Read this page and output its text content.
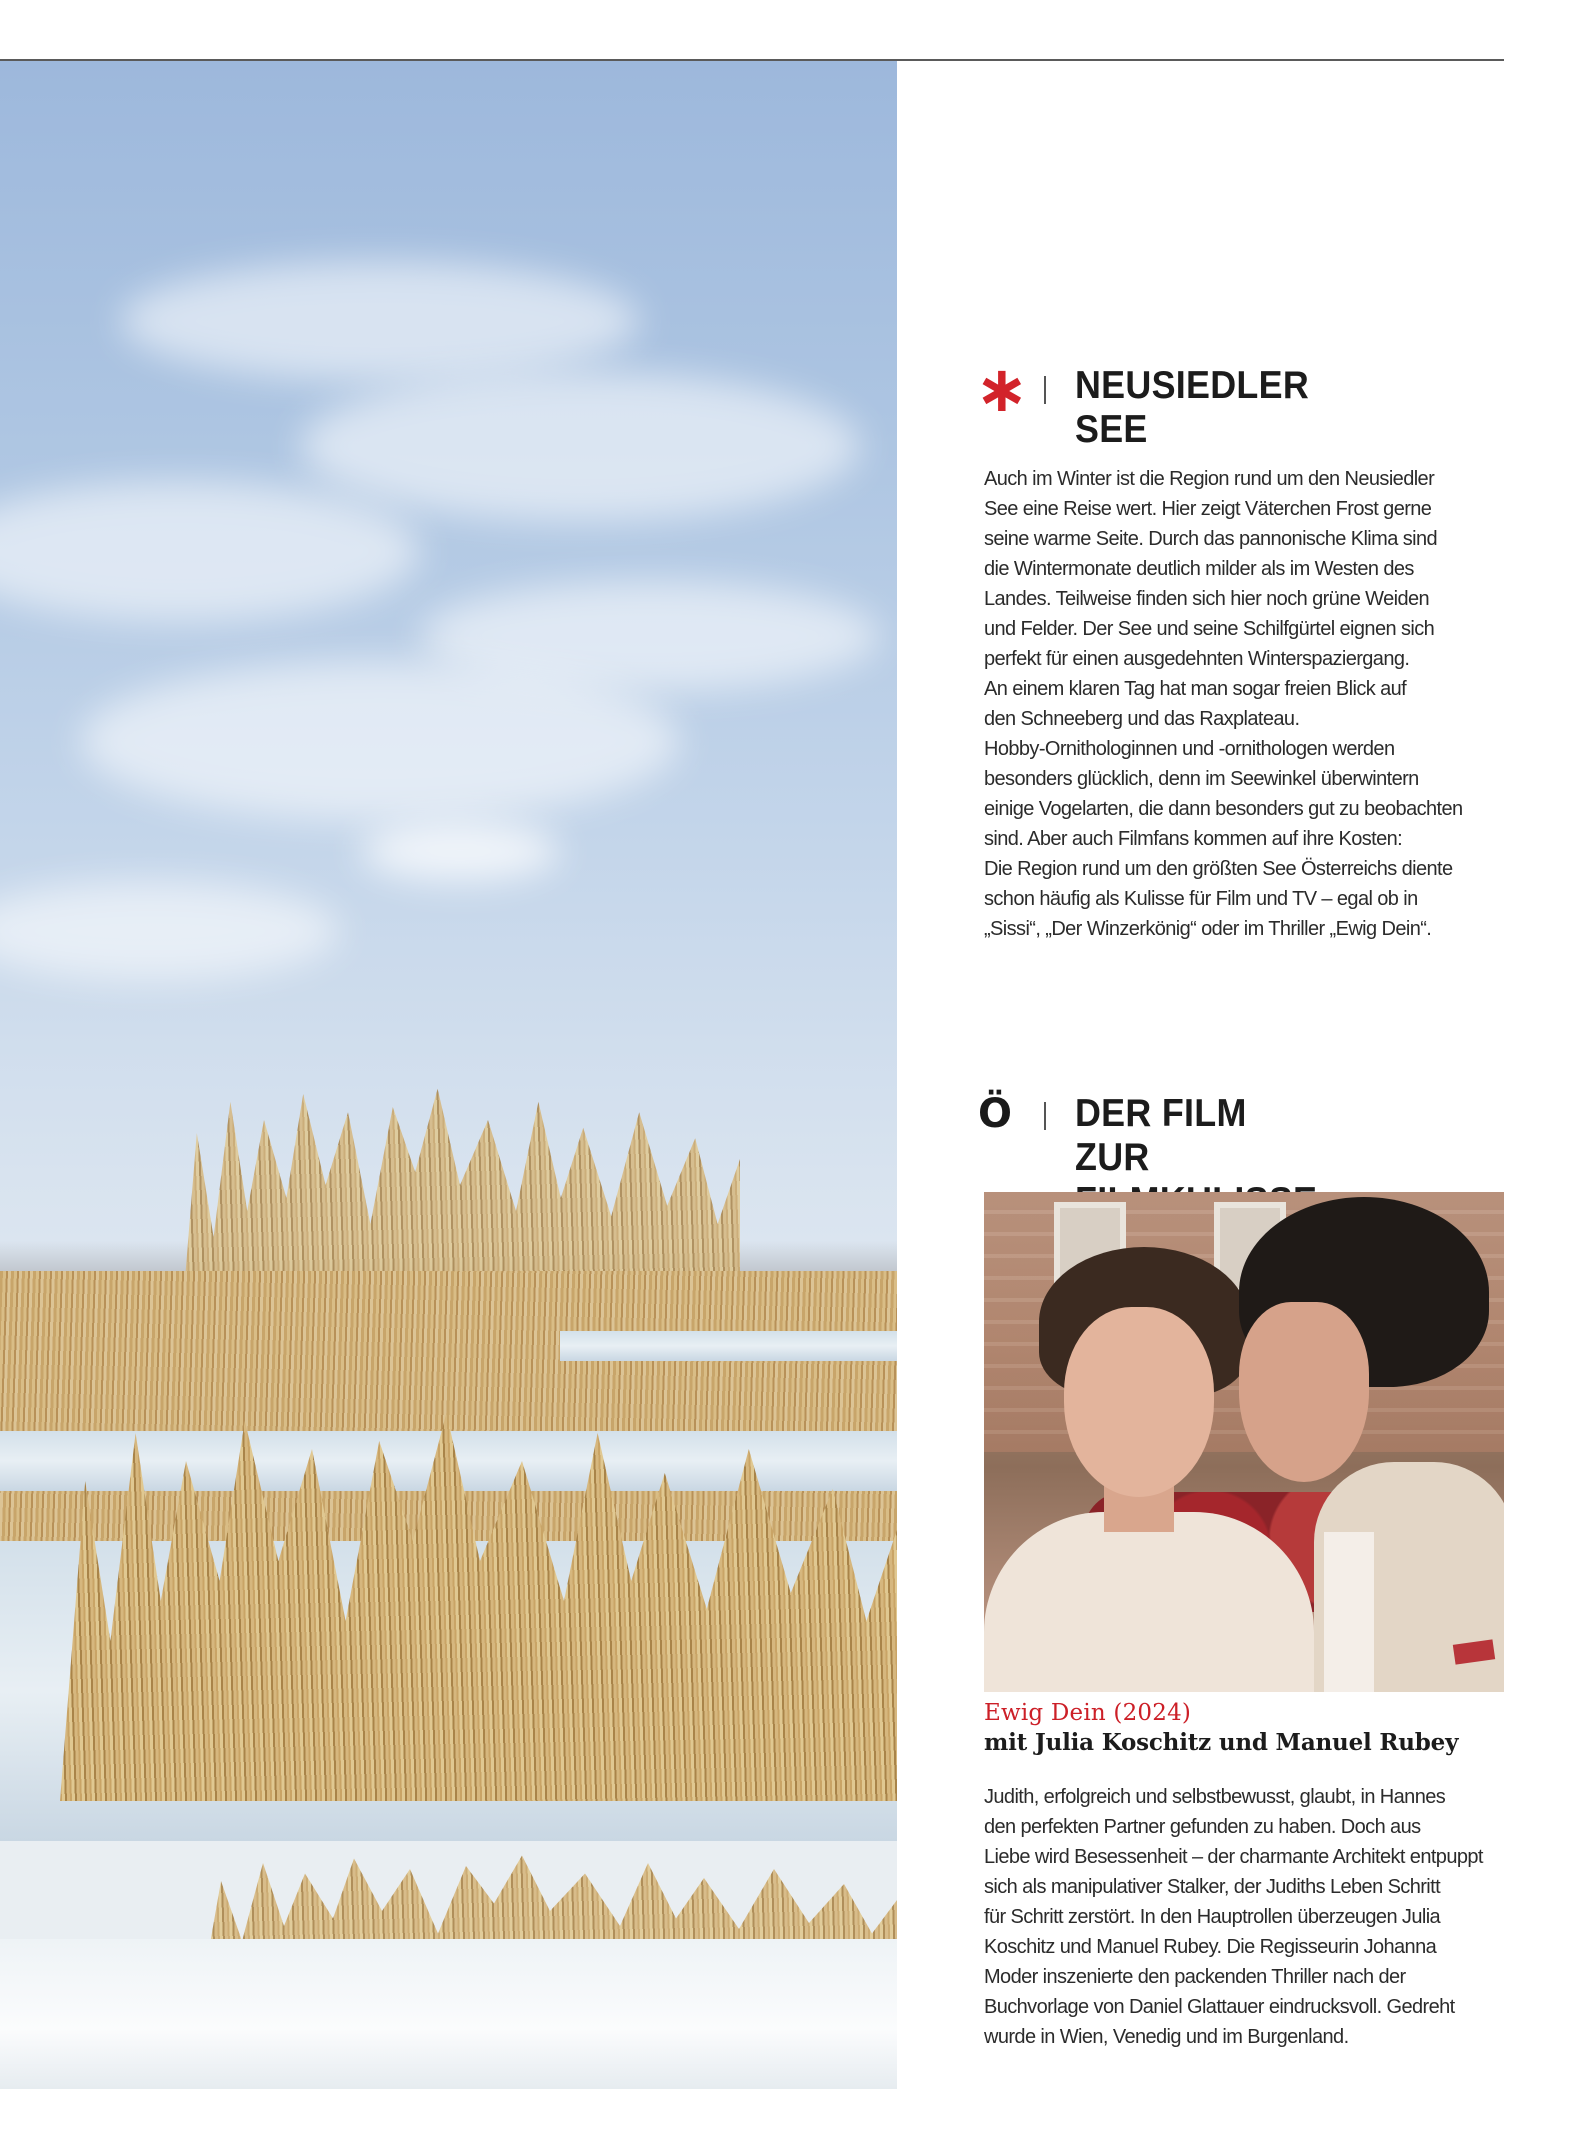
∗ NEUSIEDLER SEE

Auch im Winter ist die Region rund um den Neusiedler
See eine Reise wert. Hier zeigt Väterchen Frost gerne
seine warme Seite. Durch das pannonische Klima sind
die Wintermonate deutlich milder als im Westen des
Landes. Teilweise finden sich hier noch grüne Weiden
und Felder. Der See und seine Schilfgürtel eignen sich
perfekt für einen ausgedehnten Winterspaziergang.
An einem klaren Tag hat man sogar freien Blick auf
den Schneeberg und das Raxplateau.
Hobby-Ornithologinnen und -ornithologen werden
besonders glücklich, denn im Seewinkel überwintern
einige Vogelarten, die dann besonders gut zu beobachten
sind. Aber auch Filmfans kommen auf ihre Kosten:
Die Region rund um den größten See Österreichs diente
schon häufig als Kulisse für Film und TV – egal ob in
„Sissi“, „Der Winzerkönig“ oder im Thriller „Ewig Dein“.

Ö DER FILM ZUR

Ewig Dein (2024)
mit Julia Koschitz und Manuel Rubey

Judith, erfolgreich und selbstbewusst, glaubt, in Hannes
den perfekten Partner gefunden zu haben. Doch aus
Liebe wird Besessenheit – der charmante Architekt entpuppt
sich als manipulativer Stalker, der Judiths Leben Schritt
für Schritt zerstört. In den Hauptrollen überzeugen Julia
Koschitz und Manuel Rubey. Die Regisseurin Johanna
Moder inszenierte den packenden Thriller nach der
Buchvorlage von Daniel Glattauer eindrucksvoll. Gedreht
wurde in Wien, Venedig und im Burgenland.
